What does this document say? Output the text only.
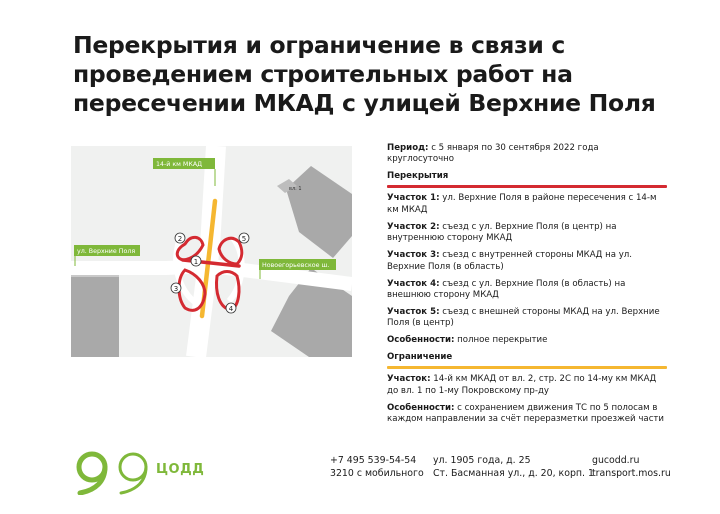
Перекрытия и ограничение в связи с
проведением строительных работ на
пересечении МКАД с улицей Верхние Поля
вл. 1
вл. 2, стр. 2
1
2
3
4
5
14-й км МКАД
ул. Верхние Поля
Новоегорьевское ш.
Период: с 5 января по 30 сентября 2022 года круглосуточно
Перекрытия
Участок 1: ул. Верхние Поля в районе пересечения с 14-м км МКАД
Участок 2: съезд с ул. Верхние Поля (в центр) на внутреннюю сторону МКАД
Участок 3: съезд с внутренней стороны МКАД на ул. Верхние Поля (в область)
Участок 4: съезд с ул. Верхние Поля (в область) на внешнюю сторону МКАД
Участок 5: съезд с внешней стороны МКАД на ул. Верхние Поля (в центр)
Особенности: полное перекрытие
Ограничение
Участок: 14-й км МКАД от вл. 2, стр. 2С по 14-му км МКАД до вл. 1 по 1-му Покровскому пр-ду
Особенности: с сохранением движения ТС по 5 полосам в каждом направлении за счёт переразметки проезжей части
ЦОДД
+7 495 539-54-54
3210 с мобильного
ул. 1905 года, д. 25
Ст. Басманная ул., д. 20, корп. 1
gucodd.ru
transport.mos.ru
